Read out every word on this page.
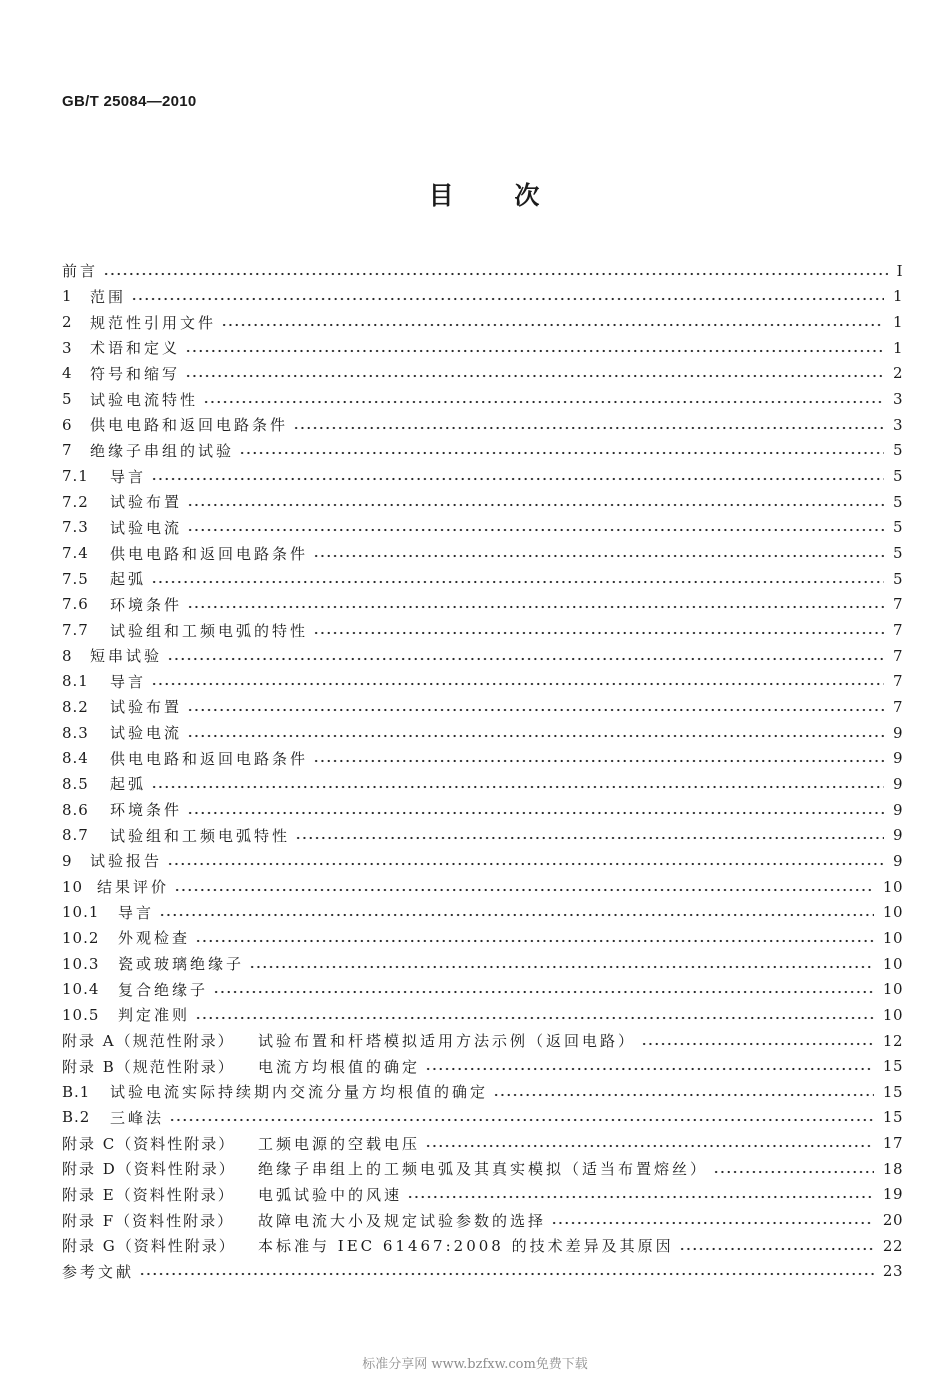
GB/T 25084—2010
目 次
前言	Ⅰ
1	范围	1
2	规范性引用文件	1
3	术语和定义	1
4	符号和缩写	2
5	试验电流特性	3
6	供电电路和返回电路条件	3
7	绝缘子串组的试验	5
7.1	导言	5
7.2	试验布置	5
7.3	试验电流	5
7.4	供电电路和返回电路条件	5
7.5	起弧	5
7.6	环境条件	7
7.7	试验组和工频电弧的特性	7
8	短串试验	7
8.1	导言	7
8.2	试验布置	7
8.3	试验电流	9
8.4	供电电路和返回电路条件	9
8.5	起弧	9
8.6	环境条件	9
8.7	试验组和工频电弧特性	9
9	试验报告	9
10 结果评价	10
10.1	导言	10
10.2	外观检查	10
10.3	瓷或玻璃绝缘子	10
10.4	复合绝缘子	10
10.5	判定准则	10
附录 A（规范性附录）	试验布置和杆塔模拟适用方法示例（返回电路）	12
附录 B（规范性附录）	电流方均根值的确定	15
B.1	试验电流实际持续期内交流分量方均根值的确定	15
B.2	三峰法	15
附录 C（资料性附录）	工频电源的空载电压	17
附录 D（资料性附录）	绝缘子串组上的工频电弧及其真实模拟（适当布置熔丝）	18
附录 E（资料性附录）	电弧试验中的风速	19
附录 F（资料性附录）	故障电流大小及规定试验参数的选择	20
附录 G（资料性附录）	本标准与 IEC 61467:2008 的技术差异及其原因	22
参考文献	23
标准分享网 www.bzfxw.com免费下载
